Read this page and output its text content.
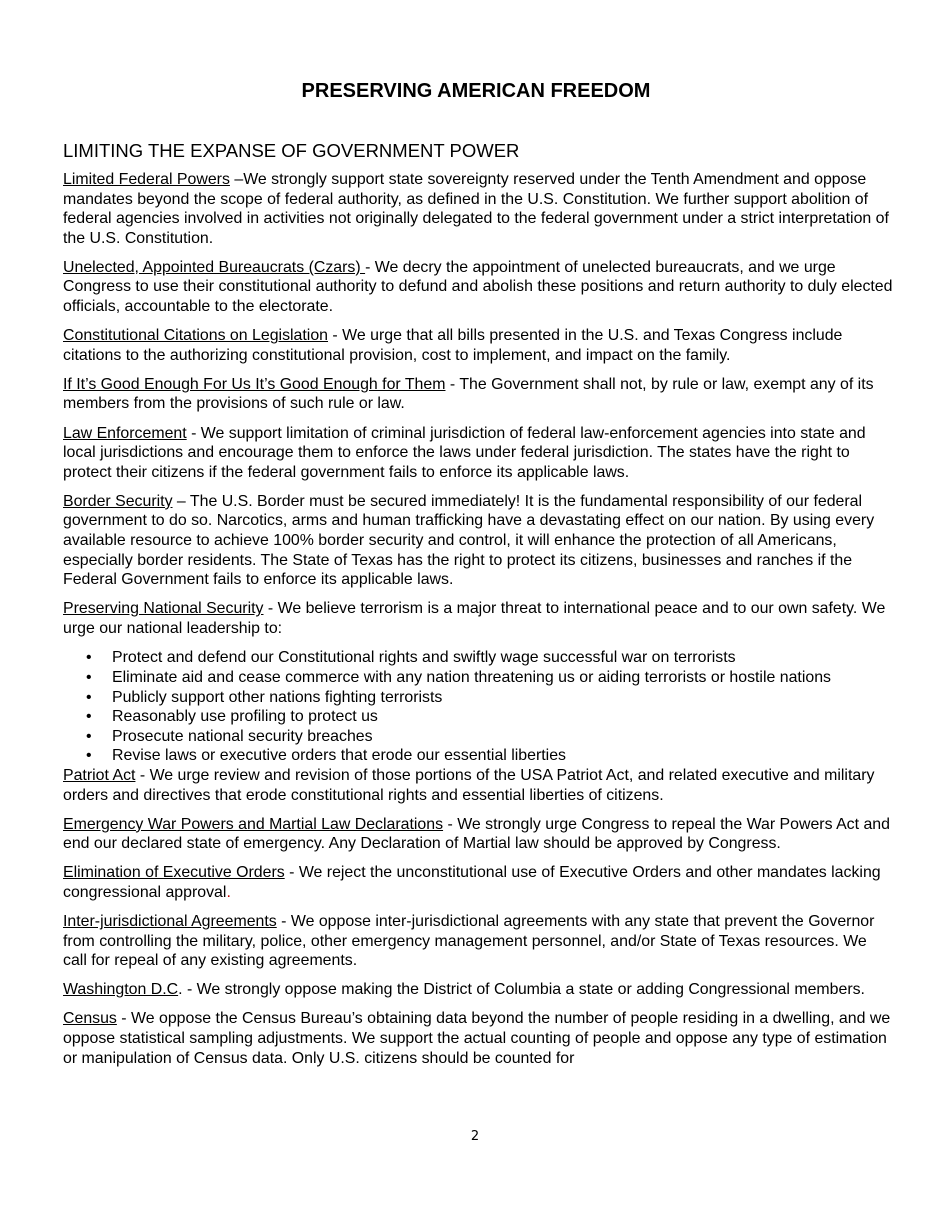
PRESERVING AMERICAN FREEDOM
LIMITING THE EXPANSE OF GOVERNMENT POWER

Limited Federal Powers –We strongly support state sovereignty reserved under the Tenth Amendment and oppose mandates beyond the scope of federal authority, as defined in the U.S. Constitution. We further support abolition of federal agencies involved in activities not originally delegated to the federal government under a strict interpretation of the U.S. Constitution.

Unelected, Appointed Bureaucrats (Czars) - We decry the appointment of unelected bureaucrats, and we urge Congress to use their constitutional authority to defund and abolish these positions and return authority to duly elected officials, accountable to the electorate.

Constitutional Citations on Legislation - We urge that all bills presented in the U.S. and Texas Congress include citations to the authorizing constitutional provision, cost to implement, and impact on the family.

If It’s Good Enough For Us It’s Good Enough for Them - The Government shall not, by rule or law, exempt any of its members from the provisions of such rule or law.

Law Enforcement - We support limitation of criminal jurisdiction of federal law-enforcement agencies into state and local jurisdictions and encourage them to enforce the laws under federal jurisdiction. The states have the right to protect their citizens if the federal government fails to enforce its applicable laws.

Border Security – The U.S. Border must be secured immediately! It is the fundamental responsibility of our federal government to do so. Narcotics, arms and human trafficking have a devastating effect on our nation. By using every available resource to achieve 100% border security and control, it will enhance the protection of all Americans, especially border residents. The State of Texas has the right to protect its citizens, businesses and ranches if the Federal Government fails to enforce its applicable laws.

Preserving National Security - We believe terrorism is a major threat to international peace and to our own safety. We urge our national leadership to:

• Protect and defend our Constitutional rights and swiftly wage successful war on terrorists
• Eliminate aid and cease commerce with any nation threatening us or aiding terrorists or hostile nations
• Publicly support other nations fighting terrorists
• Reasonably use profiling to protect us
• Prosecute national security breaches
• Revise laws or executive orders that erode our essential liberties

Patriot Act - We urge review and revision of those portions of the USA Patriot Act, and related executive and military orders and directives that erode constitutional rights and essential liberties of citizens.

Emergency War Powers and Martial Law Declarations - We strongly urge Congress to repeal the War Powers Act and end our declared state of emergency. Any Declaration of Martial law should be approved by Congress.

Elimination of Executive Orders - We reject the unconstitutional use of Executive Orders and other mandates lacking congressional approval.

Inter-jurisdictional Agreements - We oppose inter-jurisdictional agreements with any state that prevent the Governor from controlling the military, police, other emergency management personnel, and/or State of Texas resources. We call for repeal of any existing agreements.

Washington D.C. - We strongly oppose making the District of Columbia a state or adding Congressional members.

Census - We oppose the Census Bureau’s obtaining data beyond the number of people residing in a dwelling, and we oppose statistical sampling adjustments. We support the actual counting of people and oppose any type of estimation or manipulation of Census data. Only U.S. citizens should be counted for

2
